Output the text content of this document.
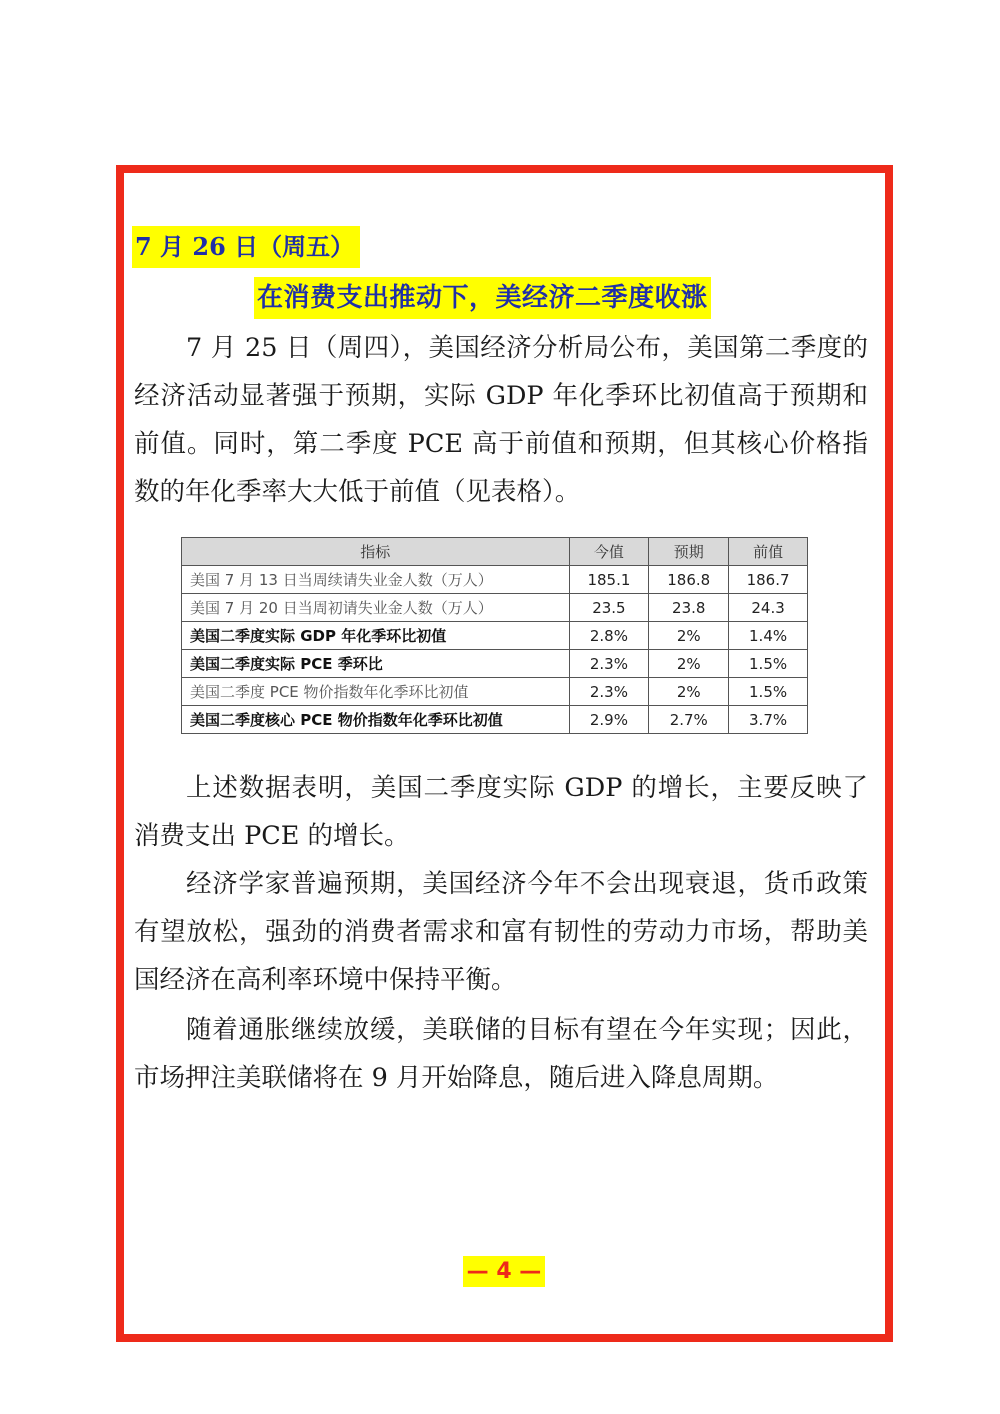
7 月 26 日（周五）
在消费支出推动下，美经济二季度收涨

7 月 25 日（周四），美国经济分析局公布，美国第二季度的经济活动显著强于预期，实际 GDP 年化季环比初值高于预期和前值。同时，第二季度 PCE 高于前值和预期，但其核心价格指数的年化季率大大低于前值（见表格）。

指标	今值	预期	前值
美国 7 月 13 日当周续请失业金人数（万人）	185.1	186.8	186.7
美国 7 月 20 日当周初请失业金人数（万人）	23.5	23.8	24.3
美国二季度实际 GDP 年化季环比初值	2.8%	2%	1.4%
美国二季度实际 PCE 季环比	2.3%	2%	1.5%
美国二季度 PCE 物价指数年化季环比初值	2.3%	2%	1.5%
美国二季度核心 PCE 物价指数年化季环比初值	2.9%	2.7%	3.7%

上述数据表明，美国二季度实际 GDP 的增长，主要反映了消费支出 PCE 的增长。

经济学家普遍预期，美国经济今年不会出现衰退，货币政策有望放松，强劲的消费者需求和富有韧性的劳动力市场，帮助美国经济在高利率环境中保持平衡。

随着通胀继续放缓，美联储的目标有望在今年实现；因此，市场押注美联储将在 9 月开始降息，随后进入降息周期。

— 4 —
